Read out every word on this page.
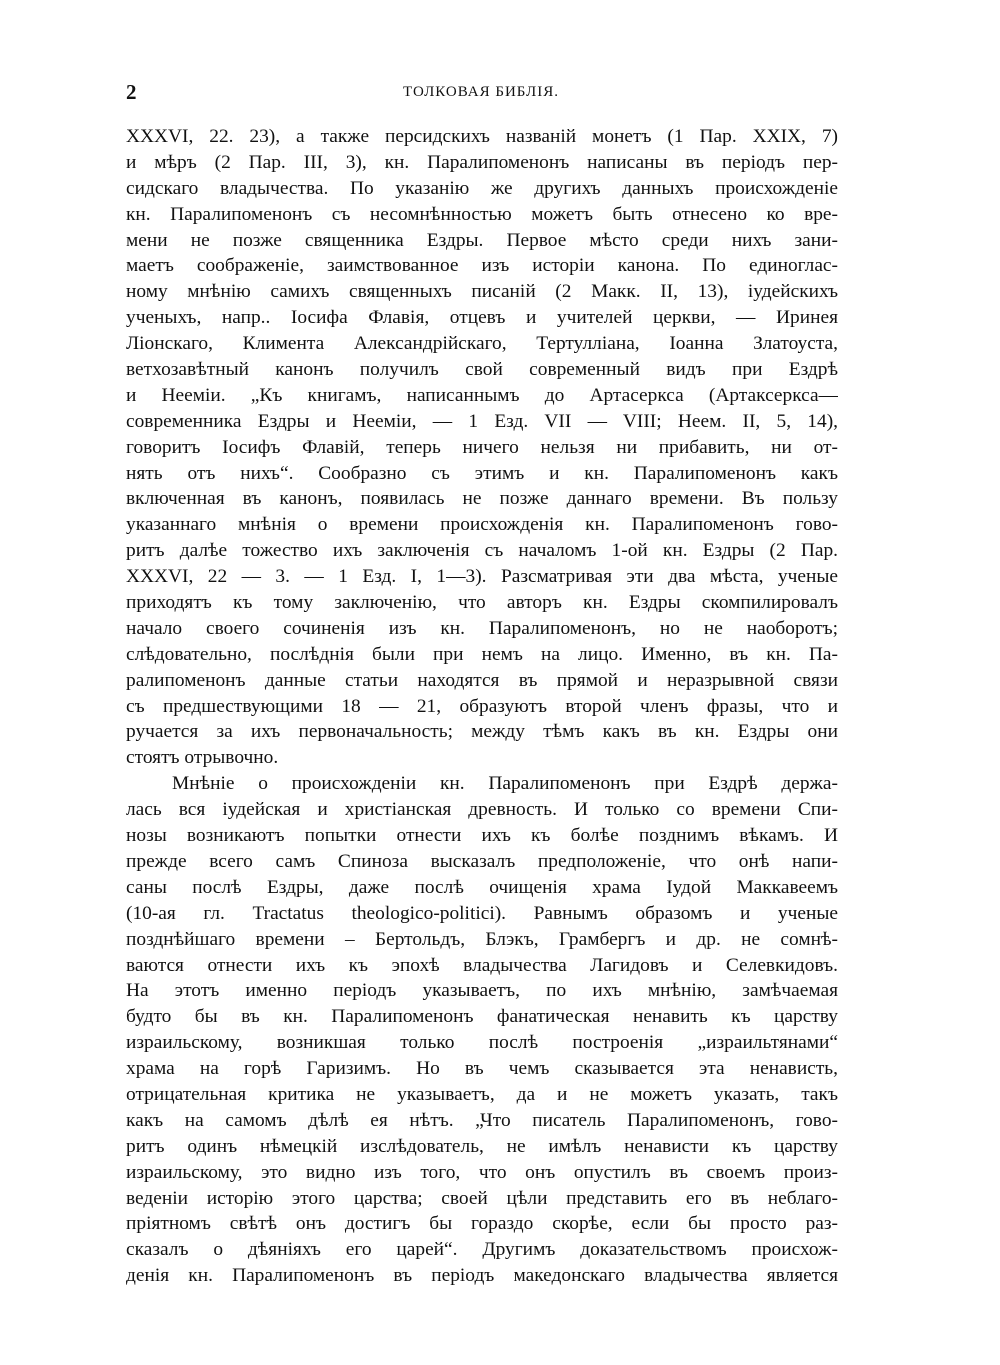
2	ТОЛКОВАЯ БИБЛІЯ.
XXXVI, 22. 23), а также персидскихъ названій монетъ (1 Пар. XXIX, 7)
и мѣръ (2 Пар. III, 3), кн. Паралипоменонъ написаны въ періодъ пер-
сидскаго владычества. По указанію же другихъ данныхъ происхожденіе
кн. Паралипоменонъ съ несомнѣнностью можетъ быть отнесено ко вре-
мени не позже священника Ездры. Первое мѣсто среди нихъ зани-
маетъ соображеніе, заимствованное изъ исторіи канона. По единоглас-
ному мнѣнію самихъ священныхъ писаній (2 Макк. II, 13), іудейскихъ
ученыхъ, напр.. Іосифа Флавія, отцевъ и учителей церкви, — Иринея
Ліонскаго, Климента Александрійскаго, Тертулліана, Іоанна Златоуста,
ветхозавѣтный канонъ получилъ свой современный видъ при Ездрѣ
и Нееміи. „Къ книгамъ, написаннымъ до Артасеркса (Артаксеркса—
современника Ездры и Нееміи, — 1 Езд. VII — VIII; Неем. II, 5, 14),
говоритъ Іосифъ Флавій, теперь ничего нельзя ни прибавить, ни от-
нять отъ нихъ“. Сообразно съ этимъ и кн. Паралипоменонъ какъ
включенная въ канонъ, появилась не позже даннаго времени. Въ пользу
указаннаго мнѣнія о времени происхожденія кн. Паралипоменонъ гово-
ритъ далѣе тожество ихъ заключенія съ началомъ 1-ой кн. Ездры (2 Пар.
XXXVI, 22 — 3. — 1 Езд. I, 1—3). Разсматривая эти два мѣста, ученые
приходятъ къ тому заключенію, что авторъ кн. Ездры скомпилировалъ
начало своего сочиненія изъ кн. Паралипоменонъ, но не наоборотъ;
слѣдовательно, послѣднія были при немъ на лицо. Именно, въ кн. Па-
ралипоменонъ данные статьи находятся въ прямой и неразрывной связи
съ предшествующими 18 — 21, образуютъ второй членъ фразы, что и
ручается за ихъ первоначальность; между тѣмъ какъ въ кн. Ездры они
стоятъ отрывочно.
Мнѣніе о происхожденіи кн. Паралипоменонъ при Ездрѣ держа-
лась вся іудейская и христіанская древность. И только со времени Спи-
нозы возникаютъ попытки отнести ихъ къ болѣе позднимъ вѣкамъ. И
прежде всего самъ Спиноза высказалъ предположеніе, что онѣ напи-
саны послѣ Ездры, даже послѣ очищенія храма Іудой Маккавеемъ
(10-ая гл. Tractatus theologico-politici). Равнымъ образомъ и ученые
позднѣйшаго времени – Бертольдъ, Блэкъ, Грамбергъ и др. не сомнѣ-
ваются отнести ихъ къ эпохѣ владычества Лагидовъ и Селевкидовъ.
На этотъ именно періодъ указываетъ, по ихъ мнѣнію, замѣчаемая
будто бы въ кн. Паралипоменонъ фанатическая ненавить къ царству
израильскому, возникшая только послѣ построенія „израильтянами“
храма на горѣ Гаризимъ. Но въ чемъ сказывается эта ненависть,
отрицательная критика не указываетъ, да и не можетъ указать, такъ
какъ на самомъ дѣлѣ ея нѣтъ. „Что писатель Паралипоменонъ, гово-
ритъ одинъ нѣмецкій изслѣдователь, не имѣлъ ненависти къ царству
израильскому, это видно изъ того, что онъ опустилъ въ своемъ произ-
веденіи исторію этого царства; своей цѣли представить его въ неблаго-
пріятномъ свѣтѣ онъ достигъ бы гораздо скорѣе, если бы просто раз-
сказалъ о дѣяніяхъ его царей“. Другимъ доказательствомъ происхож-
денія кн. Паралипоменонъ въ періодъ македонскаго владычества является
